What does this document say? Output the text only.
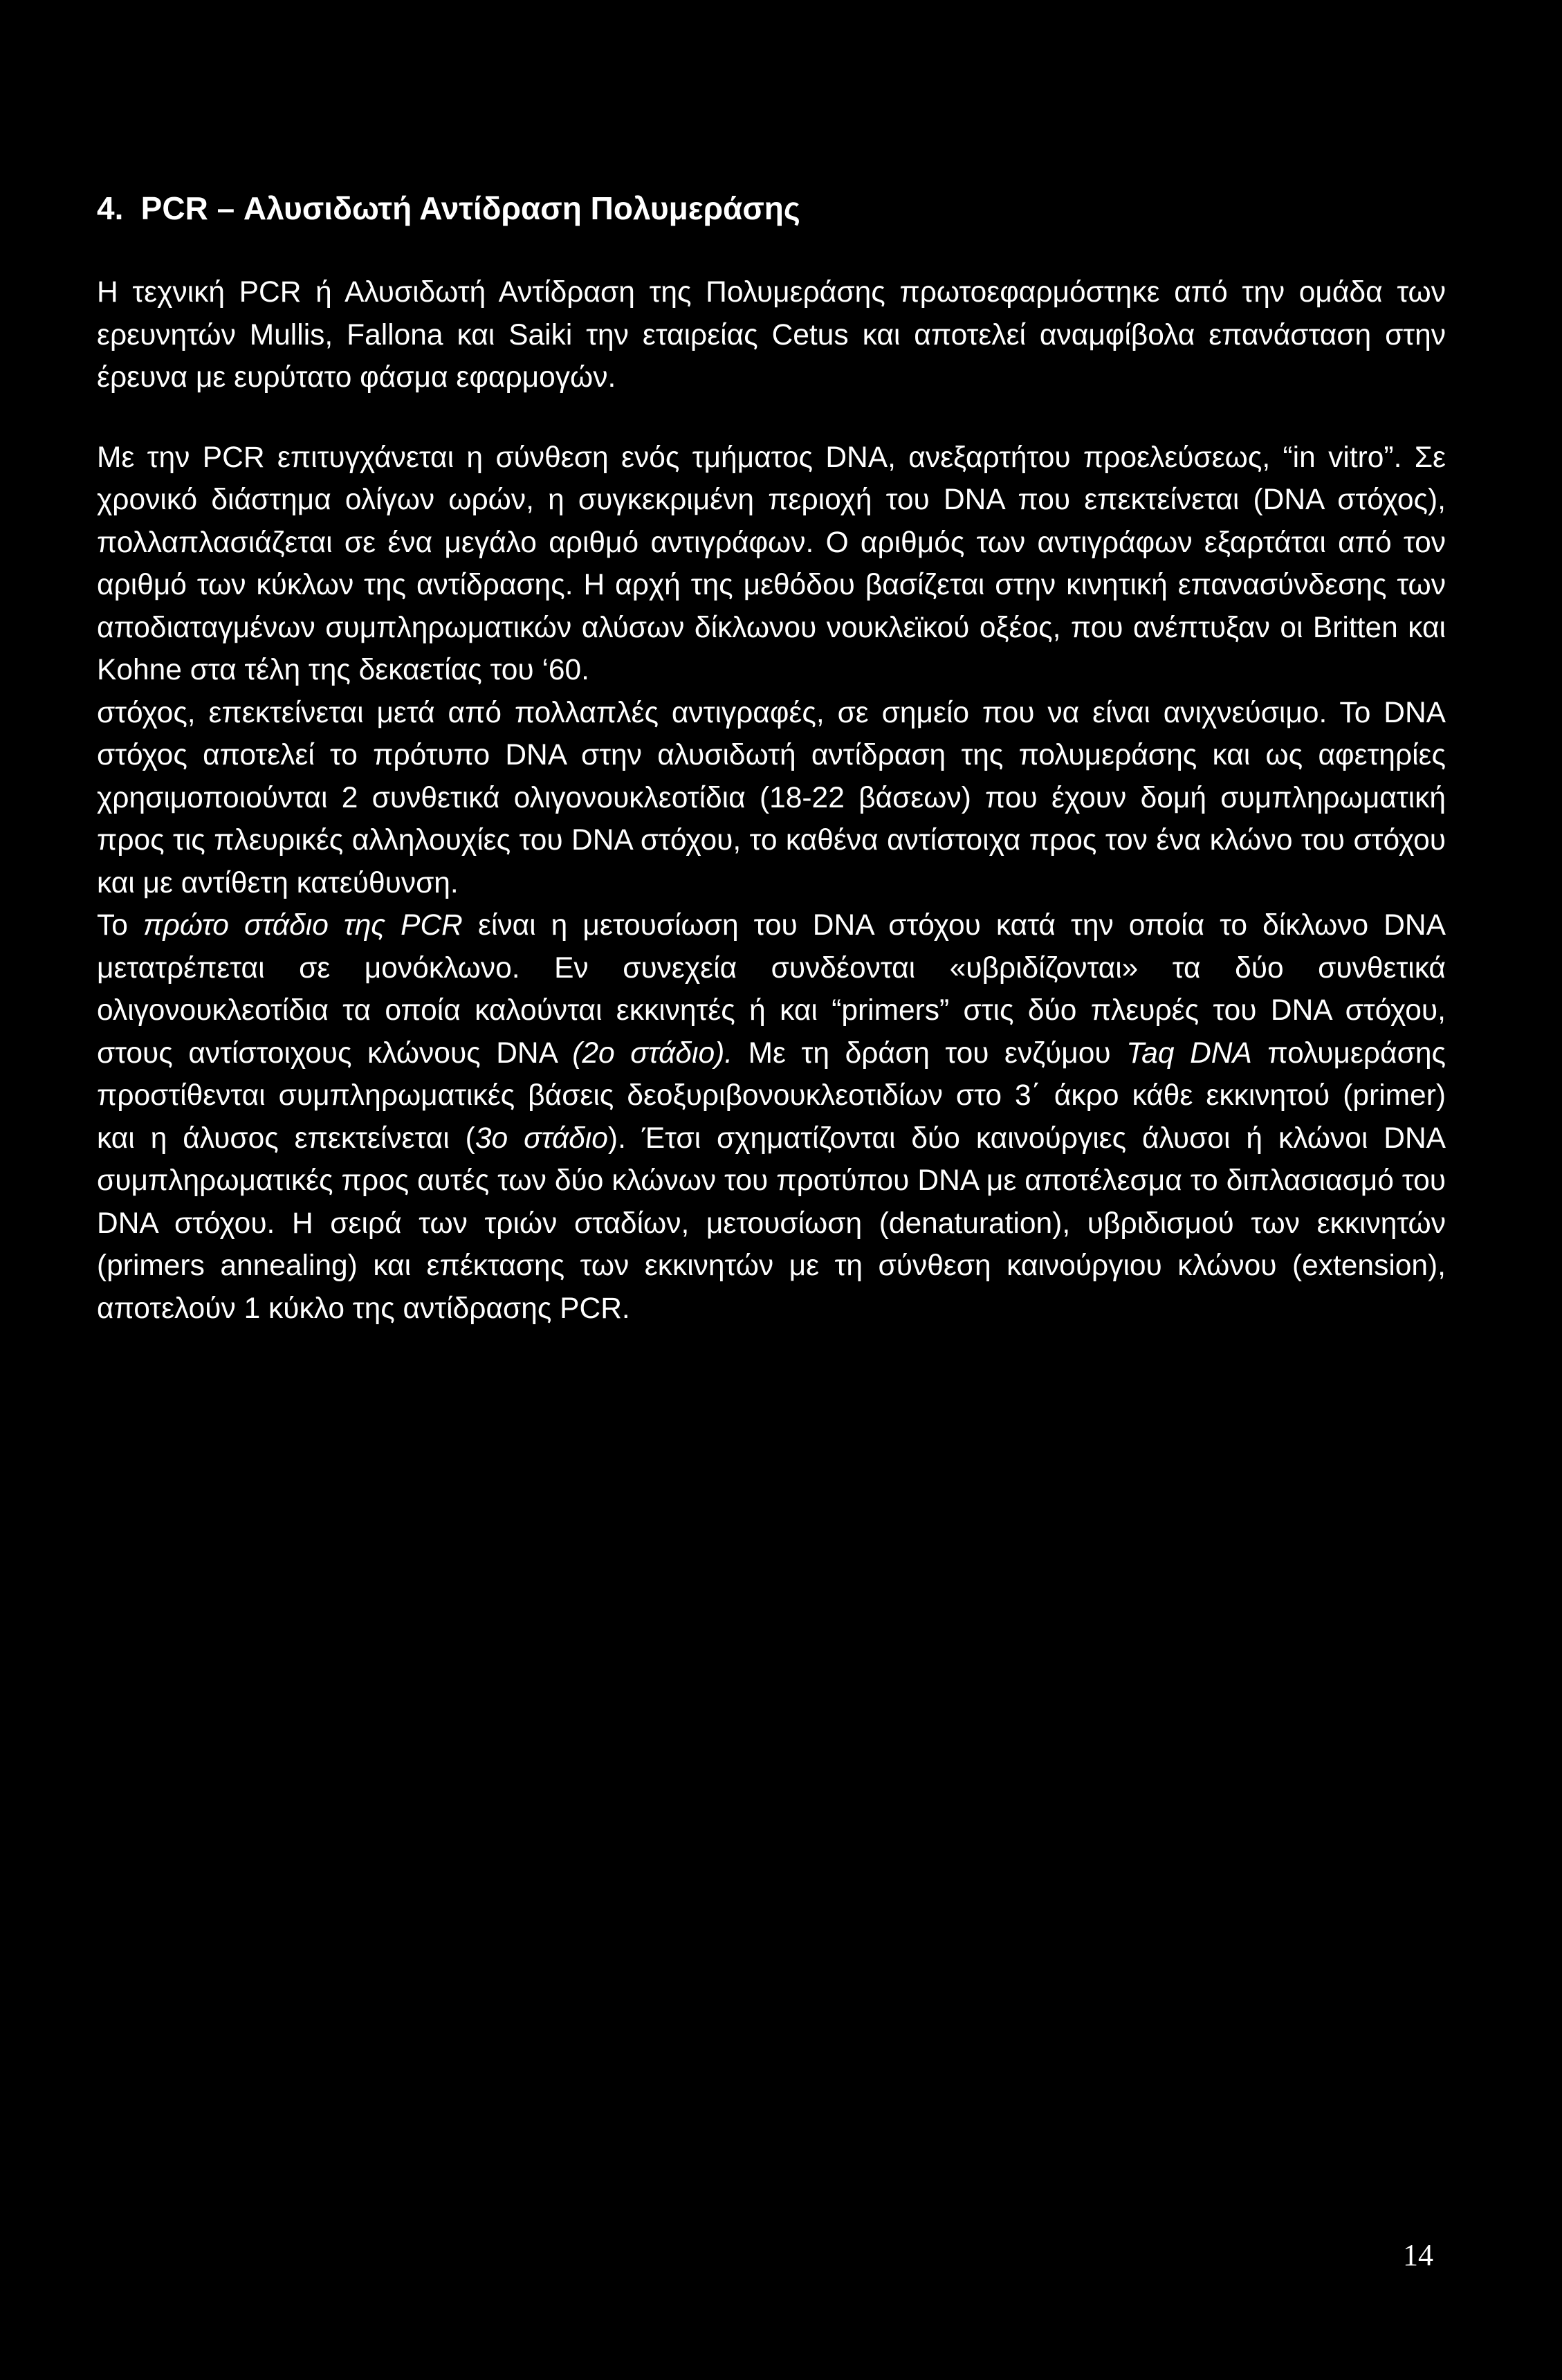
4. PCR – Αλυσιδωτή Αντίδραση Πολυμεράσης

Η τεχνική PCR ή Αλυσιδωτή Αντίδραση της Πολυμεράσης πρωτοεφαρμόστηκε από την ομάδα των ερευνητών Mullis, Fallona και Saiki την εταιρείας Cetus και αποτελεί αναμφίβολα επανάσταση στην έρευνα με ευρύτατο φάσμα εφαρμογών.

Με την PCR επιτυγχάνεται η σύνθεση ενός τμήματος DNA, ανεξαρτήτου προελεύσεως, “in vitro”. Σε χρονικό διάστημα ολίγων ωρών, η συγκεκριμένη περιοχή του DNA που επεκτείνεται (DNA στόχος), πολλαπλασιάζεται σε ένα μεγάλο αριθμό αντιγράφων. Ο αριθμός των αντιγράφων εξαρτάται από τον αριθμό των κύκλων της αντίδρασης. Η αρχή της μεθόδου βασίζεται στην κινητική επανασύνδεσης των αποδιαταγμένων συμπληρωματικών αλύσων δίκλωνου νουκλεϊκού οξέος, που ανέπτυξαν οι Britten και Kohne στα τέλη της δεκαετίας του ‘60.

στόχος, επεκτείνεται μετά από πολλαπλές αντιγραφές, σε σημείο που να είναι ανιχνεύσιμο. Το DNA στόχος αποτελεί το πρότυπο DNA στην αλυσιδωτή αντίδραση της πολυμεράσης και ως αφετηρίες χρησιμοποιούνται 2 συνθετικά ολιγονουκλεοτίδια (18-22 βάσεων) που έχουν δομή συμπληρωματική προς τις πλευρικές αλληλουχίες του DNA στόχου, το καθένα αντίστοιχα προς τον ένα κλώνο του στόχου και με αντίθετη κατεύθυνση.

Το πρώτο στάδιο της PCR είναι η μετουσίωση του DNA στόχου κατά την οποία το δίκλωνο DNA μετατρέπεται σε μονόκλωνο. Εν συνεχεία συνδέονται «υβριδίζονται» τα δύο συνθετικά ολιγονουκλεοτίδια τα οποία καλούνται εκκινητές ή και “primers” στις δύο πλευρές του DNA στόχου, στους αντίστοιχους κλώνους DNA (2ο στάδιο). Με τη δράση του ενζύμου Taq DNA πολυμεράσης προστίθενται συμπληρωματικές βάσεις δεοξυριβονουκλεοτιδίων στο 3΄ άκρο κάθε εκκινητού (primer) και η άλυσος επεκτείνεται (3ο στάδιο). Έτσι σχηματίζονται δύο καινούργιες άλυσοι ή κλώνοι DNA συμπληρωματικές προς αυτές των δύο κλώνων του προτύπου DNA με αποτέλεσμα το διπλασιασμό του DNA στόχου. Η σειρά των τριών σταδίων, μετουσίωση (denaturation), υβριδισμού των εκκινητών (primers annealing) και επέκτασης των εκκινητών με τη σύνθεση καινούργιου κλώνου (extension), αποτελούν 1 κύκλο της αντίδρασης PCR.

14
